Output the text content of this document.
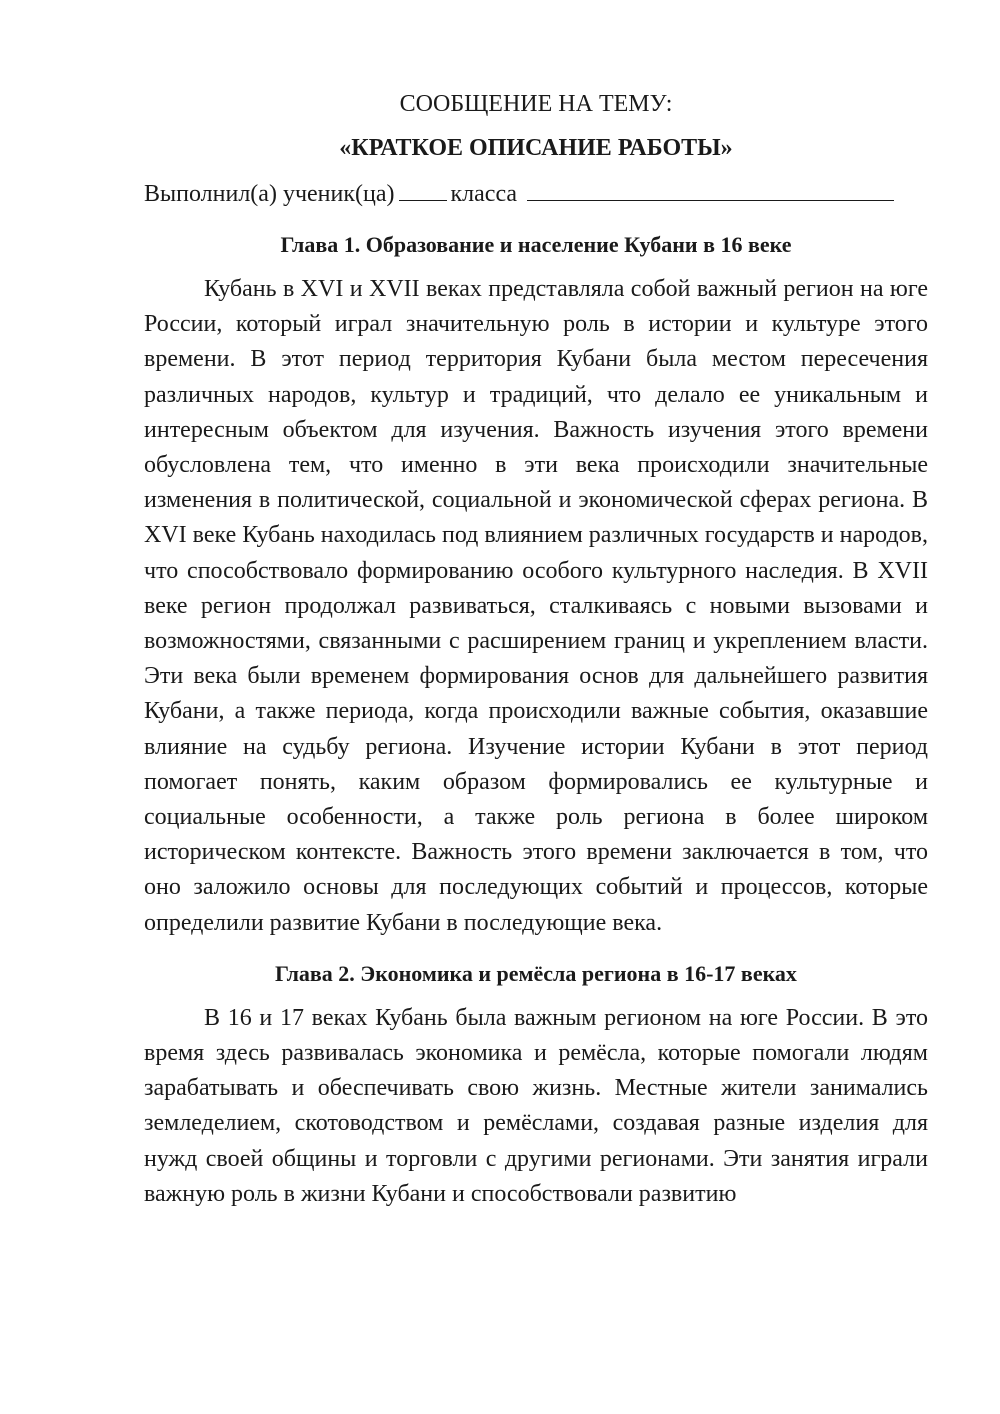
СООБЩЕНИЕ НА ТЕМУ:

«КРАТКОЕ ОПИСАНИЕ РАБОТЫ»

Выполнил(а) ученик(ца) класса

Глава 1. Образование и население Кубани в 16 веке

Кубань в XVI и XVII веках представляла собой важный регион на юге России, который играл значительную роль в истории и культуре этого времени. В этот период территория Кубани была местом пересечения различных народов, культур и традиций, что делало ее уникальным и интересным объектом для изучения. Важность изучения этого времени обусловлена тем, что именно в эти века происходили значительные изменения в политической, социальной и экономической сферах региона. В XVI веке Кубань находилась под влиянием различных государств и народов, что способствовало формированию особого культурного наследия. В XVII веке регион продолжал развиваться, сталкиваясь с новыми вызовами и возможностями, связанными с расширением границ и укреплением власти. Эти века были временем формирования основ для дальнейшего развития Кубани, а также периода, когда происходили важные события, оказавшие влияние на судьбу региона. Изучение истории Кубани в этот период помогает понять, каким образом формировались ее культурные и социальные особенности, а также роль региона в более широком историческом контексте. Важность этого времени заключается в том, что оно заложило основы для последующих событий и процессов, которые определили развитие Кубани в последующие века.

Глава 2. Экономика и ремёсла региона в 16-17 веках

В 16 и 17 веках Кубань была важным регионом на юге России. В это время здесь развивалась экономика и ремёсла, которые помогали людям зарабатывать и обеспечивать свою жизнь. Местные жители занимались земледелием, скотоводством и ремёслами, создавая разные изделия для нужд своей общины и торговли с другими регионами. Эти занятия играли важную роль в жизни Кубани и способствовали развитию
